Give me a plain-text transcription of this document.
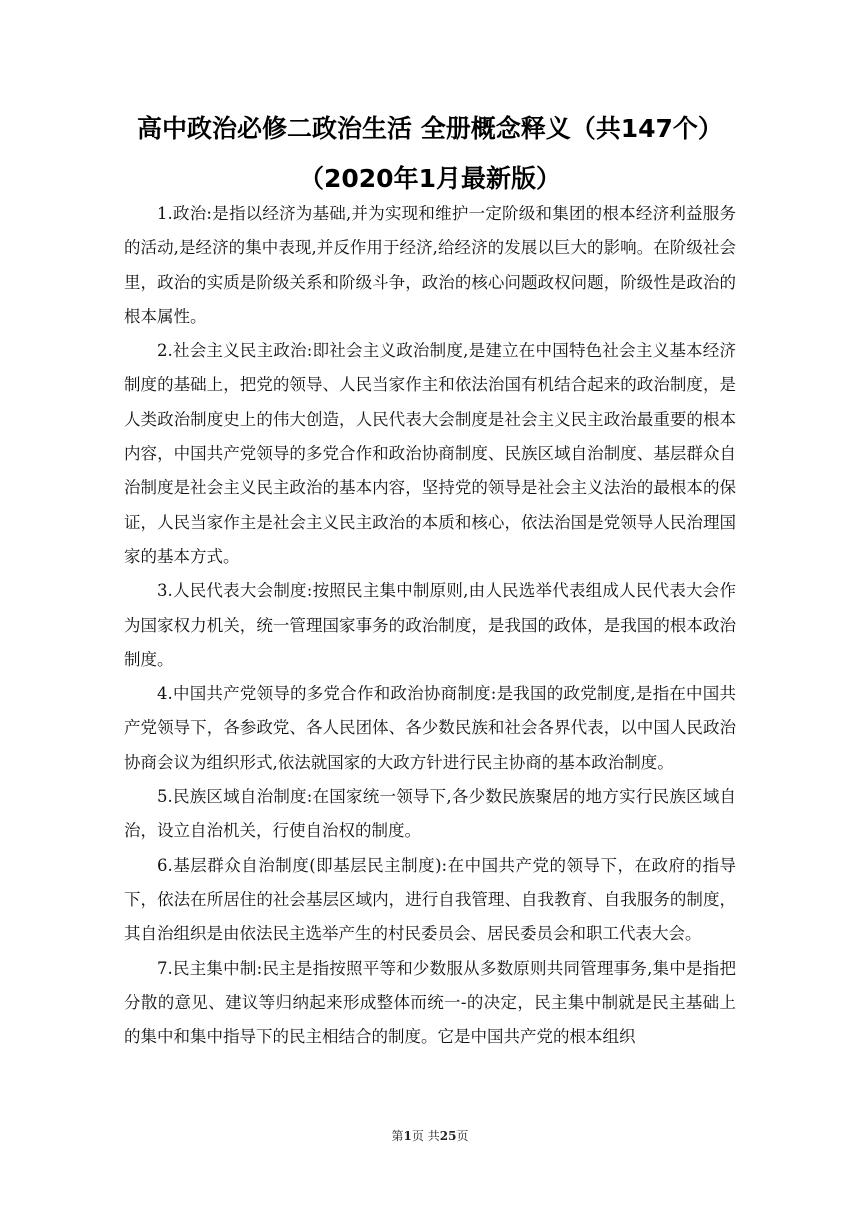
高中政治必修二政治生活 全册概念释义（共147个）
（2020年1月最新版）

1.政治:是指以经济为基础,并为实现和维护一定阶级和集团的根本经济利益服务的活动,是经济的集中表现,并反作用于经济,给经济的发展以巨大的影响。在阶级社会里，政治的实质是阶级关系和阶级斗争，政治的核心问题政权问题，阶级性是政治的根本属性。

2.社会主义民主政治:即社会主义政治制度,是建立在中国特色社会主义基本经济制度的基础上，把党的领导、人民当家作主和依法治国有机结合起来的政治制度，是人类政治制度史上的伟大创造，人民代表大会制度是社会主义民主政治最重要的根本内容，中国共产党领导的多党合作和政治协商制度、民族区域自治制度、基层群众自治制度是社会主义民主政治的基本内容，坚持党的领导是社会主义法治的最根本的保证，人民当家作主是社会主义民主政治的本质和核心，依法治国是党领导人民治理国家的基本方式。

3.人民代表大会制度:按照民主集中制原则,由人民选举代表组成人民代表大会作为国家权力机关，统一管理国家事务的政治制度，是我国的政体，是我国的根本政治制度。

4.中国共产党领导的多党合作和政治协商制度:是我国的政党制度,是指在中国共产党领导下，各参政党、各人民团体、各少数民族和社会各界代表，以中国人民政治协商会议为组织形式,依法就国家的大政方针进行民主协商的基本政治制度。

5.民族区域自治制度:在国家统一领导下,各少数民族聚居的地方实行民族区域自治，设立自治机关，行使自治权的制度。

6.基层群众自治制度(即基层民主制度):在中国共产党的领导下，在政府的指导下，依法在所居住的社会基层区域内，进行自我管理、自我教育、自我服务的制度，其自治组织是由依法民主选举产生的村民委员会、居民委员会和职工代表大会。

7.民主集中制:民主是指按照平等和少数服从多数原则共同管理事务,集中是指把分散的意见、建议等归纳起来形成整体而统一-的决定，民主集中制就是民主基础上的集中和集中指导下的民主相结合的制度。它是中国共产党的根本组织

第1页 共25页
